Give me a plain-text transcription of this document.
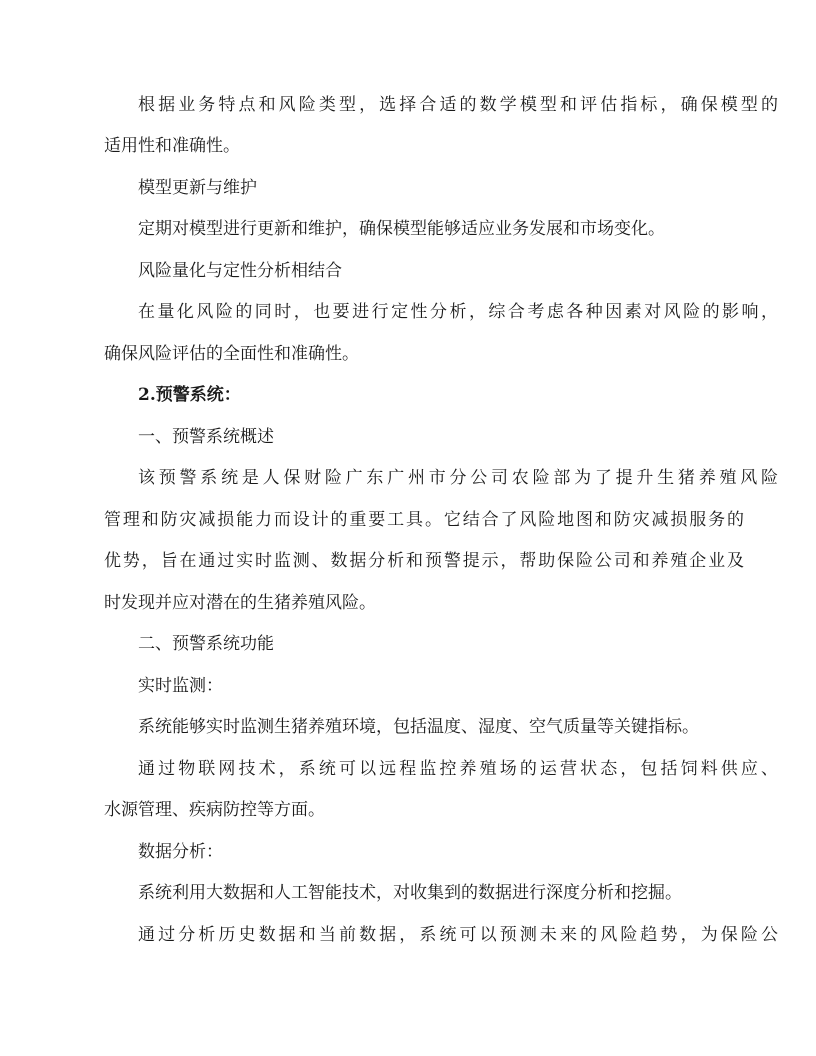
根据业务特点和风险类型，选择合适的数学模型和评估指标，确保模型的
适用性和准确性。
模型更新与维护
定期对模型进行更新和维护，确保模型能够适应业务发展和市场变化。
风险量化与定性分析相结合
在量化风险的同时，也要进行定性分析，综合考虑各种因素对风险的影响，
确保风险评估的全面性和准确性。
2.预警系统：
一、预警系统概述
该预警系统是人保财险广东广州市分公司农险部为了提升生猪养殖风险
管理和防灾减损能力而设计的重要工具。它结合了风险地图和防灾减损服务的
优势，旨在通过实时监测、数据分析和预警提示，帮助保险公司和养殖企业及
时发现并应对潜在的生猪养殖风险。
二、预警系统功能
实时监测：
系统能够实时监测生猪养殖环境，包括温度、湿度、空气质量等关键指标。
通过物联网技术，系统可以远程监控养殖场的运营状态，包括饲料供应、
水源管理、疾病防控等方面。
数据分析：
系统利用大数据和人工智能技术，对收集到的数据进行深度分析和挖掘。
通过分析历史数据和当前数据，系统可以预测未来的风险趋势，为保险公
